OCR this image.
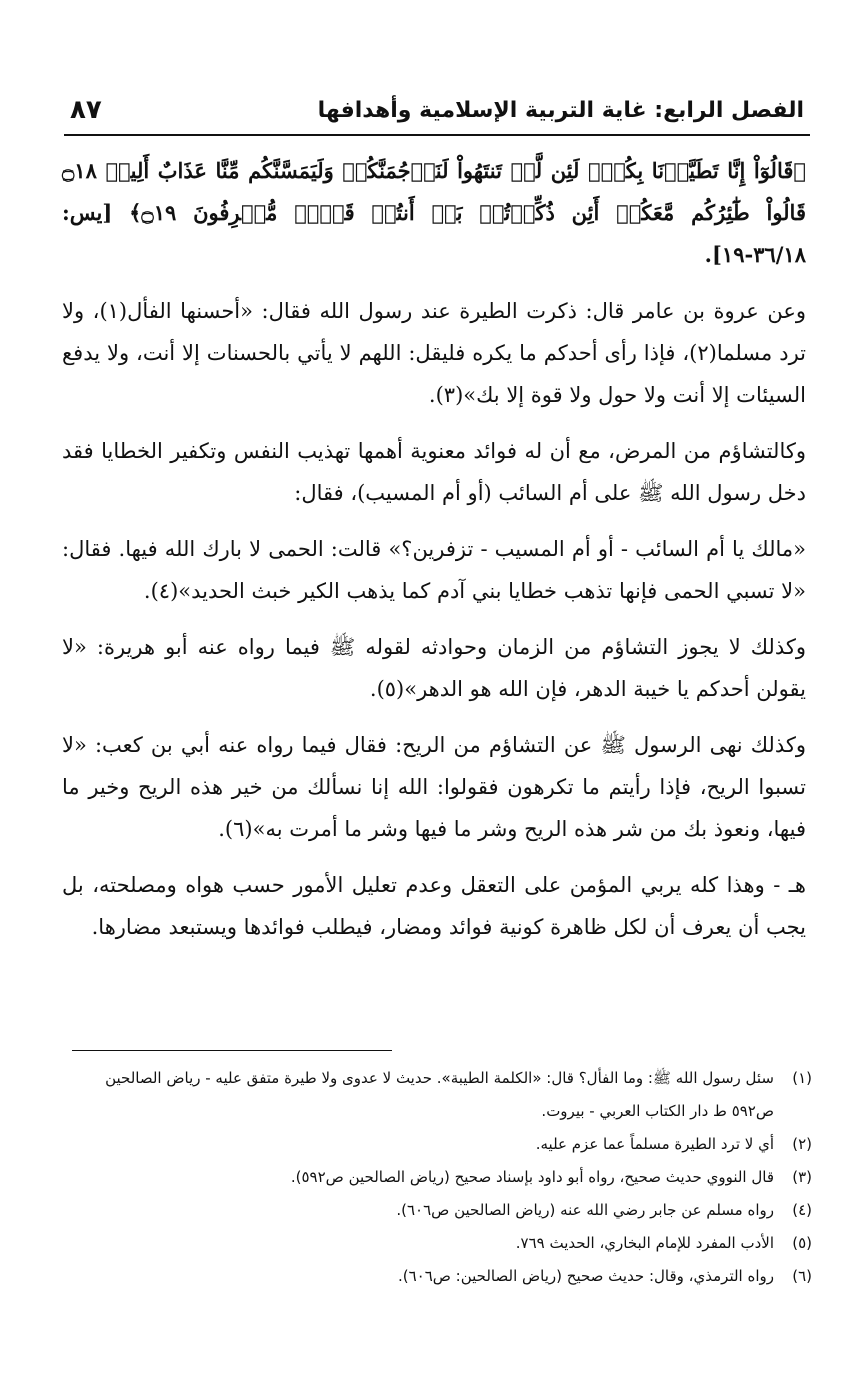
الفصل الرابع: غاية التربية الإسلامية وأهدافها
٨٧

﴿قَالُوٓاْ إِنَّا تَطَيَّرۡنَا بِكُمۡۖ لَئِن لَّمۡ تَنتَهُواْ لَنَرۡجُمَنَّكُمۡ وَلَيَمَسَّنَّكُم مِّنَّا عَذَابٌ أَلِيمٞ ۝١٨ قَالُواْ طَٰٓئِرُكُم مَّعَكُمۡ أَئِن ذُكِّرۡتُمۚ بَلۡ أَنتُمۡ قَوۡمٞ مُّسۡرِفُونَ ۝١٩﴾ [يس: ٣٦/١٨-١٩].

وعن عروة بن عامر قال: ذكرت الطيرة عند رسول الله فقال: «أحسنها الفأل(١)، ولا ترد مسلما(٢)، فإذا رأى أحدكم ما يكره فليقل: اللهم لا يأتي بالحسنات إلا أنت، ولا يدفع السيئات إلا أنت ولا حول ولا قوة إلا بك»(٣).

وكالتشاؤم من المرض، مع أن له فوائد معنوية أهمها تهذيب النفس وتكفير الخطايا فقد دخل رسول الله ﷺ على أم السائب (أو أم المسيب)، فقال:

«مالك يا أم السائب - أو أم المسيب - تزفرين؟» قالت: الحمى لا بارك الله فيها. فقال: «لا تسبي الحمى فإنها تذهب خطايا بني آدم كما يذهب الكير خبث الحديد»(٤).

وكذلك لا يجوز التشاؤم من الزمان وحوادثه لقوله ﷺ فيما رواه عنه أبو هريرة: «لا يقولن أحدكم يا خيبة الدهر، فإن الله هو الدهر»(٥).

وكذلك نهى الرسول ﷺ عن التشاؤم من الريح: فقال فيما رواه عنه أبي بن كعب: «لا تسبوا الريح، فإذا رأيتم ما تكرهون فقولوا: الله إنا نسألك من خير هذه الريح وخير ما فيها، ونعوذ بك من شر هذه الريح وشر ما فيها وشر ما أمرت به»(٦).

هـ - وهذا كله يربي المؤمن على التعقل وعدم تعليل الأمور حسب هواه ومصلحته، بل يجب أن يعرف أن لكل ظاهرة كونية فوائد ومضار، فيطلب فوائدها ويستبعد مضارها.

(١)
سئل رسول الله ﷺ: وما الفأل؟ قال: «الكلمة الطيبة». حديث لا عدوى ولا طيرة متفق عليه - رياض الصالحين ص٥٩٢ ط دار الكتاب العربي - بيروت.
(٢)
أي لا ترد الطيرة مسلماً عما عزم عليه.
(٣)
قال النووي حديث صحيح، رواه أبو داود بإسناد صحيح (رياض الصالحين ص٥٩٢).
(٤)
رواه مسلم عن جابر رضي الله عنه (رياض الصالحين ص٦٠٦).
(٥)
الأدب المفرد للإمام البخاري، الحديث ٧٦٩.
(٦)
رواه الترمذي، وقال: حديث صحيح (رياض الصالحين: ص٦٠٦).
